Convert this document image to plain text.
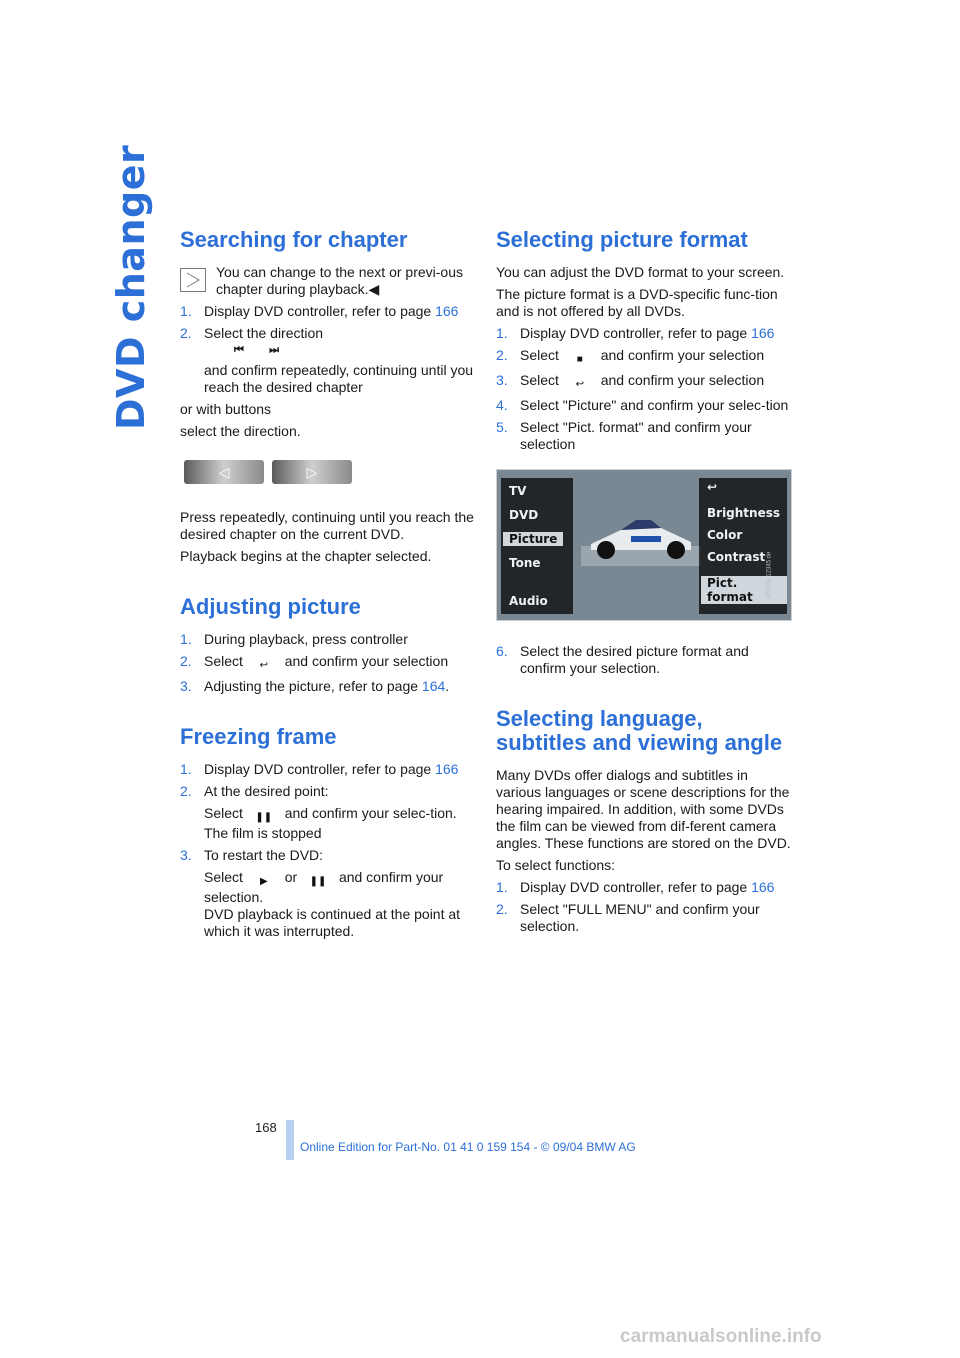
DVD changer Searching for chapter
You can change to the next or previ-ous chapter during playback.◀
1. Display DVD controller, refer to page 166
2. Select the direction
⏮ ⏭
and confirm repeatedly, continuing until you reach the desired chapter

or with buttons

select the direction.

◁	▷

Press repeatedly, continuing until you reach the desired chapter on the current DVD.

Playback begins at the chapter selected.

Adjusting picture
1. During playback, press controller
2. Select ↩ and confirm your selection
3. Adjusting the picture, refer to page 164.
Freezing frame
1. Display DVD controller, refer to page 166
2. At the desired point:

Select ❚❚ and confirm your selec-tion.
The film is stopped
3. To restart the DVD:

Select ▶ or ❚❚ and confirm your selection.
DVD playback is continued at the point at which it was interrupted.
Selecting picture format

You can adjust the DVD format to your screen.

The picture format is a DVD-specific func-tion and is not offered by all DVDs.

1. Display DVD controller, refer to page 166
2. Select ■ and confirm your selection
3. Select ↩ and confirm your selection
4. Select "Picture" and confirm your selec-tion
5. Select "Pict. format" and confirm your selection
TV
DVD
Picture
Tone
Audio
↩
Brightness
Color
Contrast
Pict. format	078 CE 12345 de
6. Select the desired picture format and confirm your selection.
Selecting language, subtitles and viewing angle

Many DVDs offer dialogs and subtitles in various languages or scene descriptions for the hearing impaired. In addition, with some DVDs the film can be viewed from dif-ferent camera angles. These functions are stored on the DVD.

To select functions:

1. Display DVD controller, refer to page 166
2. Select "FULL MENU" and confirm your selection.
168
Online Edition for Part-No. 01 41 0 159 154 - © 09/04 BMW AG
carmanualsonline.info
